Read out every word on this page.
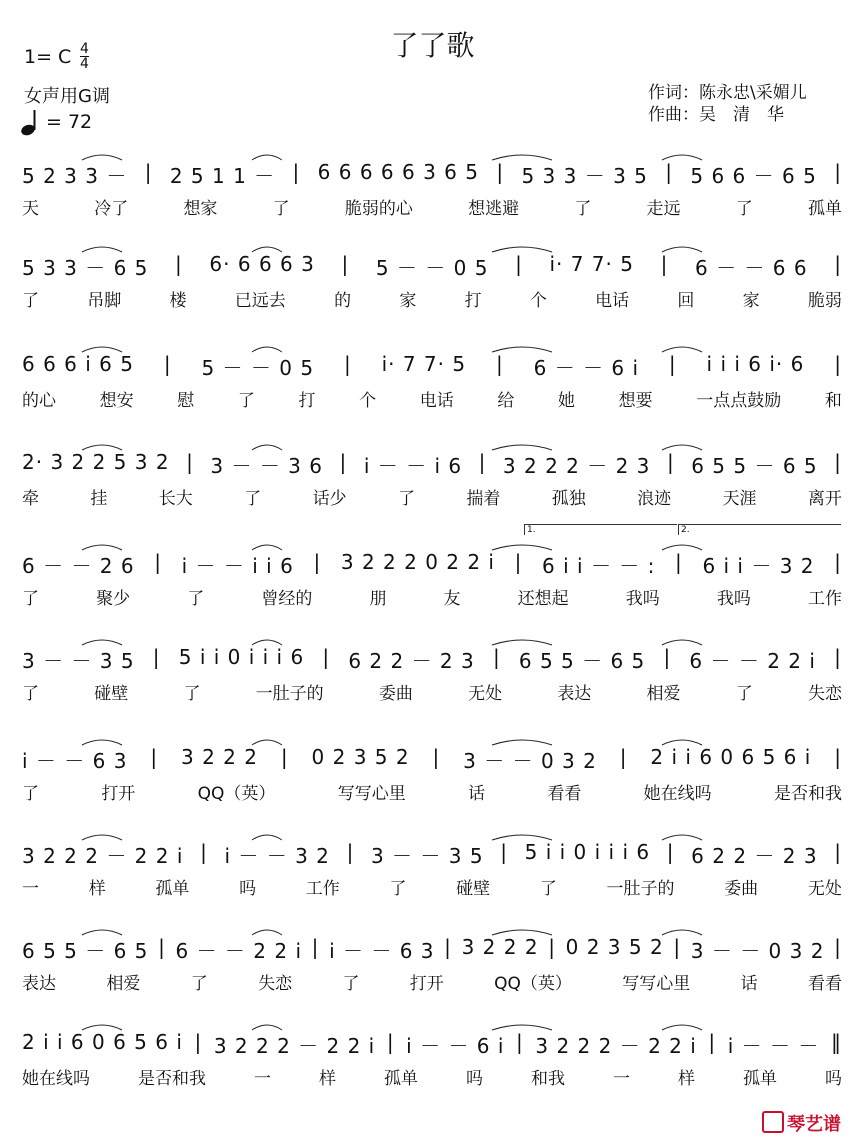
了了歌
1= C $\frac{4}{4}$
女声用G调
= 72
作词：陈永忠\采媚儿
作曲：吴　清　华
5 2 3 3 － | 2 5 1 1 － | 6 6 6 6 6 3 6 5 | 5 3 3 － 3 5 | 5 6 6 － 6 5 |
天	冷了	想家	了	脆弱的心	想逃避	了	走远	了	孤单
5 3 3 － 6 5 | 6· 6 6 6 3 | 5 － － 0 5 | i· 7 7· 5 | 6 － － 6 6 |
了	吊脚	楼	已远去	的	家	打	个	电话	回	家	脆弱
6 6 6 i 6 5 | 5 － － 0 5 | i· 7 7· 5 | 6 － － 6 i | i i i 6 i· 6 |
的心	想安	慰	了	打	个	电话	给	她	想要	一点点鼓励	和
2· 3 2 2 5 3 2 | 3 － － 3 6 | i － － i 6 | 3 2 2 2 － 2 3 | 6 5 5 － 6 5 |
牵	挂	长大	了	话少	了	揣着	孤独	浪迹	天涯	离开
6 － － 2 6 | i － － i i 6 | 3 2 2 2 0 2 2 i | 6 i i － － : | 6 i i － 3 2 |
1.	2.
了	聚少	了	曾经的	朋	友	还想起	我吗	我吗	工作
3 － － 3 5 | 5 i i 0 i i i 6 | 6 2 2 － 2 3 | 6 5 5 － 6 5 | 6 － － 2 2 i |
了	碰壁	了	一肚子的	委曲	无处	表达	相爱	了	失恋
i － － 6 3 | 3 2 2 2 | 0 2 3 5 2 | 3 － － 0 3 2 | 2 i i 6 0 6 5 6 i |
了	打开	QQ（英）	写写心里	话	看看	她在线吗	是否和我
3 2 2 2 － 2 2 i | i － － 3 2 | 3 － － 3 5 | 5 i i 0 i i i 6 | 6 2 2 － 2 3 |
一	样	孤单	吗	工作	了	碰壁	了	一肚子的	委曲	无处
6 5 5 － 6 5 | 6 － － 2 2 i | i － － 6 3 | 3 2 2 2 | 0 2 3 5 2 | 3 － － 0 3 2 |
表达	相爱	了	失恋	了	打开	QQ（英）	写写心里	话	看看
2 i i 6 0 6 5 6 i | 3 2 2 2 － 2 2 i | i － － 6 i | 3 2 2 2 － 2 2 i | i － － － ‖
她在线吗	是否和我	一	样	孤单	吗	和我	一	样	孤单	吗
琴艺谱
